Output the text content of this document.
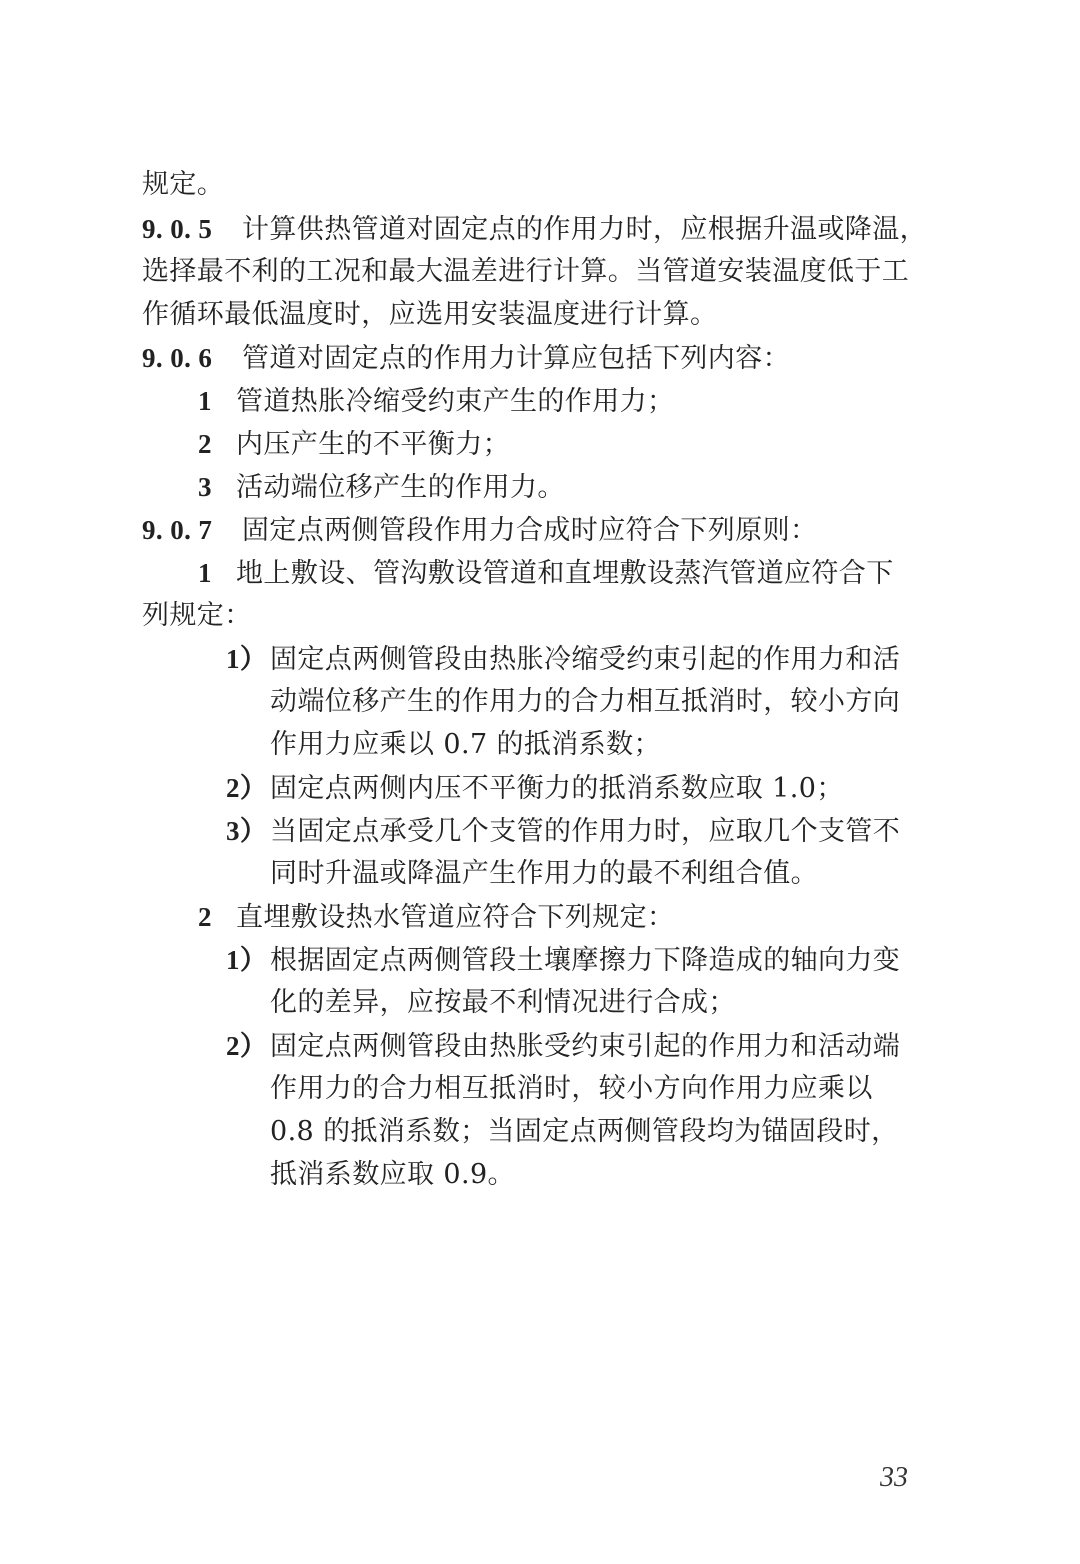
规定。
9. 0. 5 计算供热管道对固定点的作用力时，应根据升温或降温，
选择最不利的工况和最大温差进行计算。当管道安装温度低于工
作循环最低温度时，应选用安装温度进行计算。
9. 0. 6 管道对固定点的作用力计算应包括下列内容：
1 管道热胀冷缩受约束产生的作用力；
2 内压产生的不平衡力；
3 活动端位移产生的作用力。
9. 0. 7 固定点两侧管段作用力合成时应符合下列原则：
1 地上敷设、管沟敷设管道和直埋敷设蒸汽管道应符合下
列规定：
1）固定点两侧管段由热胀冷缩受约束引起的作用力和活
动端位移产生的作用力的合力相互抵消时，较小方向
作用力应乘以 0.7 的抵消系数；
2）固定点两侧内压不平衡力的抵消系数应取 1.0；
3）当固定点承受几个支管的作用力时，应取几个支管不
同时升温或降温产生作用力的最不利组合值。
2 直埋敷设热水管道应符合下列规定：
1）根据固定点两侧管段土壤摩擦力下降造成的轴向力变
化的差异，应按最不利情况进行合成；
2）固定点两侧管段由热胀受约束引起的作用力和活动端
作用力的合力相互抵消时，较小方向作用力应乘以
0.8 的抵消系数；当固定点两侧管段均为锚固段时，
抵消系数应取 0.9。
33
